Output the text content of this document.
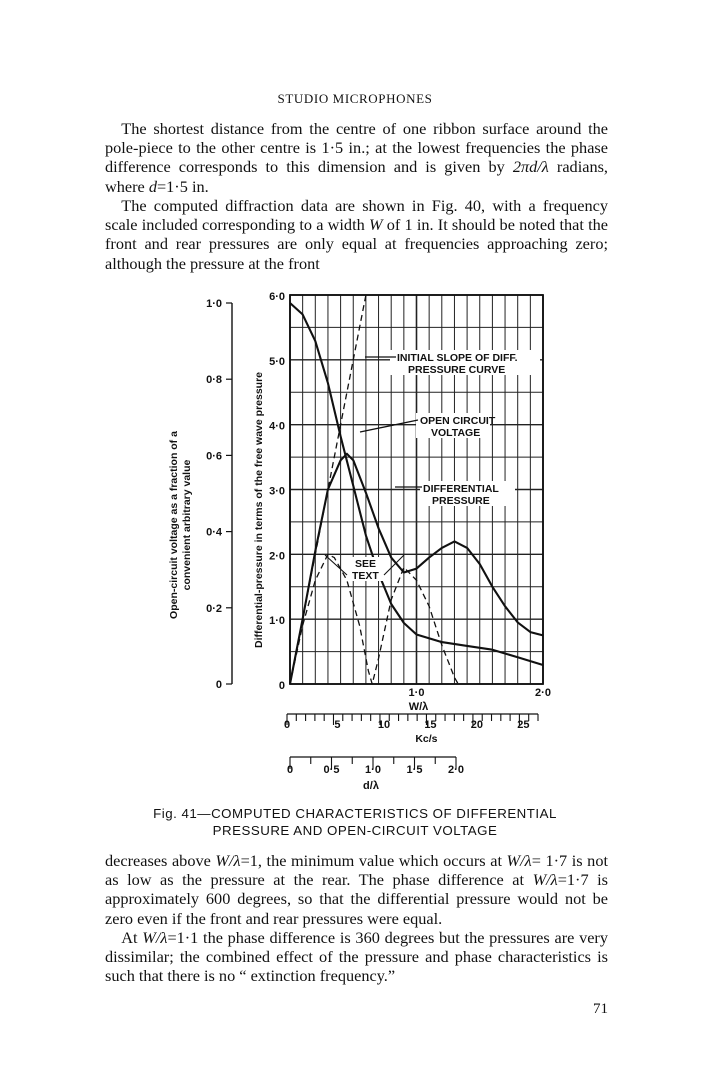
STUDIO MICROPHONES

 The shortest distance from the centre of one ribbon surface around the pole-piece to the other centre is 1·5 in.; at the lowest frequencies the phase difference corresponds to this dimension and is given by 2πd/λ radians, where d=1·5 in.

 The computed diffraction data are shown in Fig. 40, with a frequency scale included corresponding to a width W of 1 in. It should be noted that the front and rear pressures are only equal at frequencies approaching zero; although the pressure at the front

0
1·0
2·0
3·0
4·0
5·0
6·0
0
0·2
0·4
0·6
0·8
1·0
1·0	2·0
W/λ
0	5	10	15	20	25
Kc/s
0	0·5 1·0 1·5 2·0
d/λ
Open-circuit voltage as a fraction of a convenient arbitrary value	Differential-pressure in terms of the free wave pressure
INITIAL SLOPE OF DIFF.
PRESSURE CURVE
OPEN CIRCUIT
VOLTAGE
DIFFERENTIAL
PRESSURE
SEE
TEXT
Fig. 41—COMPUTED CHARACTERISTICS OF DIFFERENTIAL
PRESSURE AND OPEN-CIRCUIT VOLTAGE

decreases above W/λ=1, the minimum value which occurs at W/λ= 1·7 is not as low as the pressure at the rear. The phase difference at W/λ=1·7 is approximately 600 degrees, so that the differential pressure would not be zero even if the front and rear pressures were equal.

 At W/λ=1·1 the phase difference is 360 degrees but the pressures are very dissimilar; the combined effect of the pressure and phase characteristics is such that there is no “ extinction frequency.”

71
